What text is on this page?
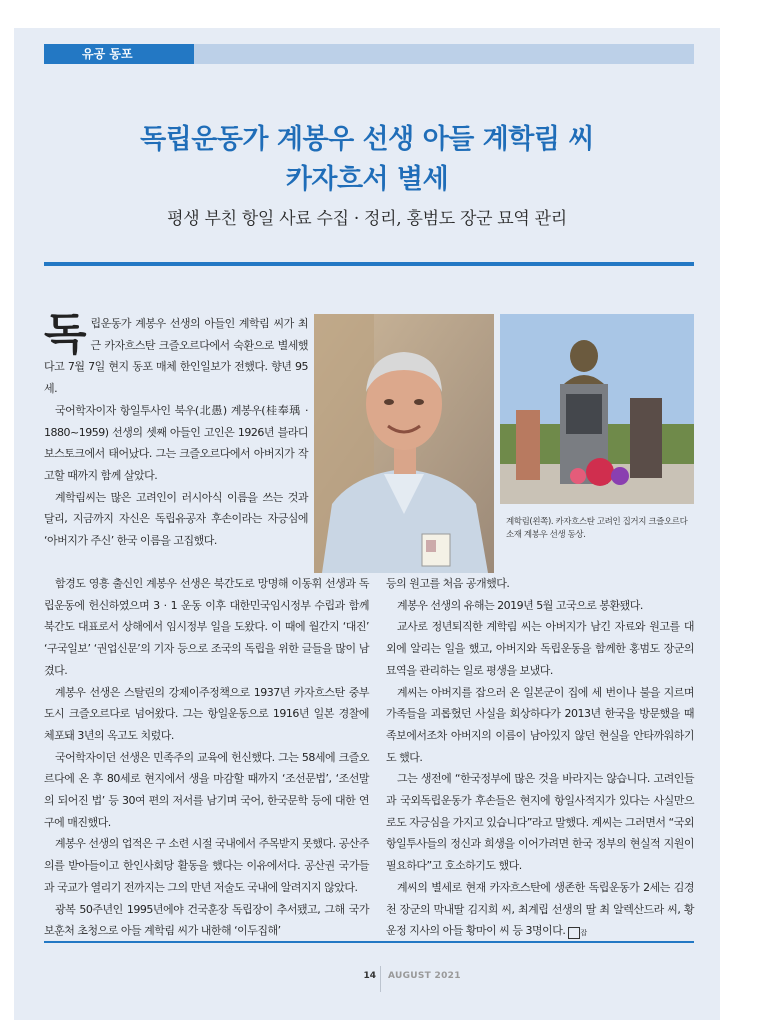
유공 동포
독립운동가 계봉우 선생 아들 계학림 씨
카자흐서 별세
평생 부친 항일 사료 수집 · 정리, 홍범도 장군 묘역 관리

독립운동가 계봉우 선생의 아들인 계학림 씨가 최근 카자흐스탄 크즐오르다에서 숙환으로 별세했다고 7월 7일 현지 동포 매체 한인일보가 전했다. 향년 95세.

국어학자이자 항일투사인 북우(北愚) 계봉우(桂奉瑀 · 1880~1959) 선생의 셋째 아들인 고인은 1926년 블라디보스토크에서 태어났다. 그는 크즐오르다에서 아버지가 작고할 때까지 함께 살았다.

계학림씨는 많은 고려인이 러시아식 이름을 쓰는 것과 달리, 지금까지 자신은 독립유공자 후손이라는 자긍심에 ‘아버지가 주신’ 한국 이름을 고집했다.

계학림(왼쪽). 카자흐스탄 고려인 집거지 크즐오르다 소재 계봉우 선생 동상.

함경도 영흥 출신인 계봉우 선생은 북간도로 망명해 이동휘 선생과 독립운동에 헌신하였으며 3 · 1 운동 이후 대한민국임시정부 수립과 함께 북간도 대표로서 상해에서 임시정부 일을 도왔다. 이 때에 월간지 ‘대진’ ‘구국일보’ ‘권업신문’의 기자 등으로 조국의 독립을 위한 글들을 많이 남겼다.

계봉우 선생은 스탈린의 강제이주정책으로 1937년 카자흐스탄 중부도시 크즐오르다로 넘어왔다. 그는 항일운동으로 1916년 일본 경찰에 체포돼 3년의 옥고도 치렀다.

국어학자이던 선생은 민족주의 교육에 헌신했다. 그는 58세에 크즐오르다에 온 후 80세로 현지에서 생을 마감할 때까지 ‘조선문법’, ‘조선말의 되어진 법’ 등 30여 편의 저서를 남기며 국어, 한국문학 등에 대한 연구에 매진했다.

계봉우 선생의 업적은 구 소련 시절 국내에서 주목받지 못했다. 공산주의를 받아들이고 한인사회당 활동을 했다는 이유에서다. 공산권 국가들과 국교가 열리기 전까지는 그의 만년 저술도 국내에 알려지지 않았다.

광복 50주년인 1995년에야 건국훈장 독립장이 추서됐고, 그해 국가보훈처 초청으로 아들 계학림 씨가 내한해 ‘이두집해’

등의 원고를 처음 공개했다.

계봉우 선생의 유해는 2019년 5월 고국으로 봉환됐다.

교사로 정년퇴직한 계학림 씨는 아버지가 남긴 자료와 원고를 대외에 알리는 일을 했고, 아버지와 독립운동을 함께한 홍범도 장군의 묘역을 관리하는 일로 평생을 보냈다.

계씨는 아버지를 잡으러 온 일본군이 집에 세 번이나 불을 지르며 가족들을 괴롭혔던 사실을 회상하다가 2013년 한국을 방문했을 때 족보에서조차 아버지의 이름이 남아있지 않던 현실을 안타까워하기도 했다.

그는 생전에 “한국정부에 많은 것을 바라지는 않습니다. 고려인들과 국외독립운동가 후손들은 현지에 항일사적지가 있다는 사실만으로도 자긍심을 가지고 있습니다”라고 말했다. 계씨는 그러면서 “국외 항일투사들의 정신과 희생을 이어가려면 한국 정부의 현실적 지원이 필요하다”고 호소하기도 했다.

계씨의 별세로 현재 카자흐스탄에 생존한 독립운동가 2세는 김경천 장군의 막내딸 김지희 씨, 최계립 선생의 딸 최 알렉산드라 씨, 황운정 지사의 아들 황마이 씨 등 3명이다. 잡

14 AUGUST 2021
